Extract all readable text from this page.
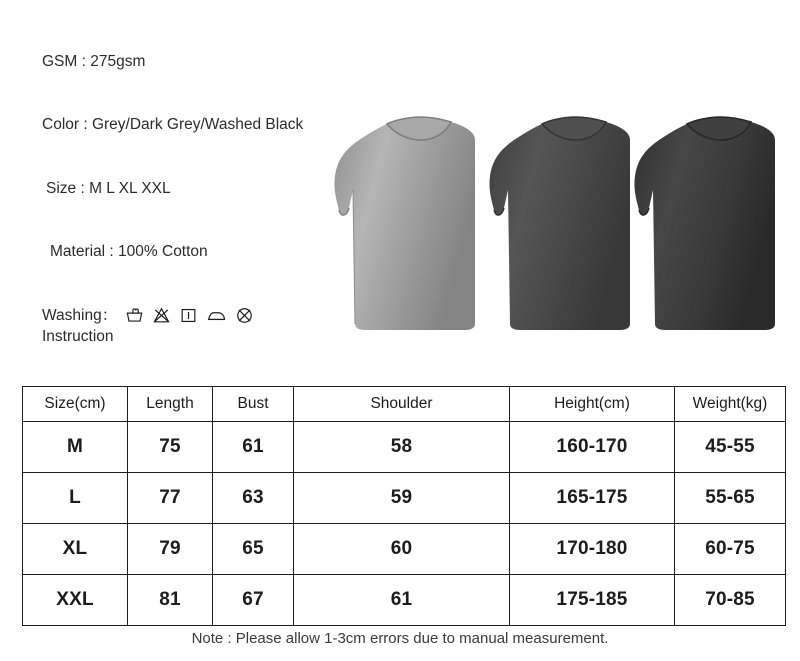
GSM : 275gsm
Color : Grey/Dark Grey/Washed Black
Size : M L XL XXL
Material : 100% Cotton
Washing：
Instruction
Size(cm)	Length	Bust	Shoulder	Height(cm)	Weight(kg)
M	75	61	58	160-170	45-55
L	77	63	59	165-175	55-65
XL	79	65	60	170-180	60-75
XXL	81	67	61	175-185	70-85
Note : Please allow 1-3cm errors due to manual measurement.
